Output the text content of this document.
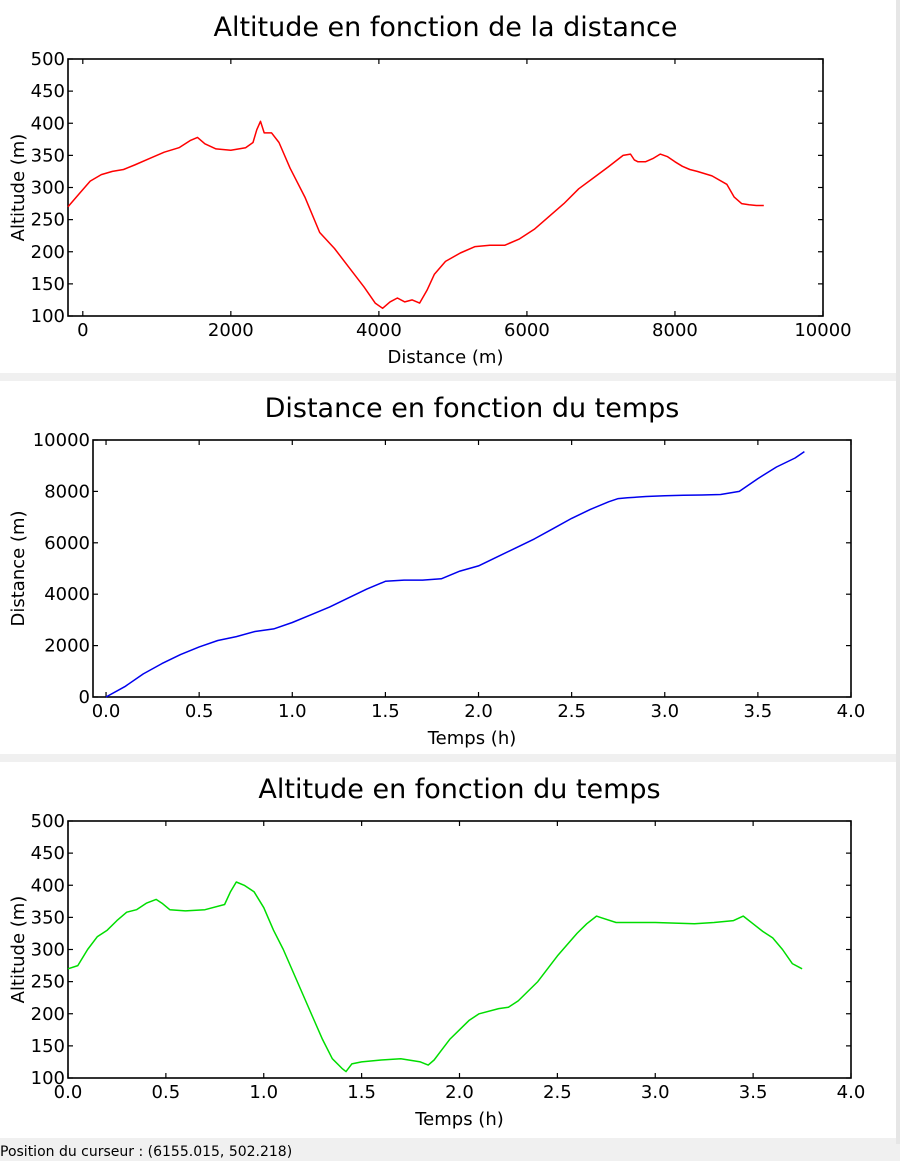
Altitude en fonction de la distance
0	2000	4000	6000	8000	10000
100
150
200
250
300
350
400
450
500
Distance (m)
Altitude (m)
Distance en fonction du temps
0.0	0.5	1.0	1.5	2.0	2.5	3.0	3.5	4.0
0
2000
4000
6000
8000
10000
Temps (h)
Distance (m)
Altitude en fonction du temps
0.0	0.5	1.0	1.5	2.0	2.5	3.0	3.5	4.0
100
150
200
250
300
350
400
450
500
Temps (h)
Altitude (m)
Position du curseur : (6155.015, 502.218)
